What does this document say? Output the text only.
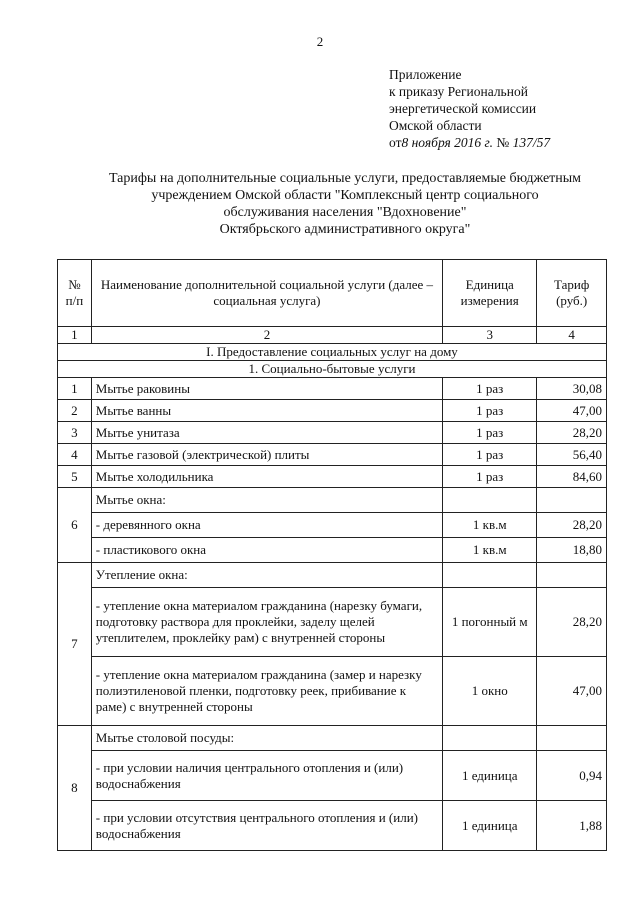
2
Приложение
к приказу Региональной
энергетической комиссии
Омской области
от8 ноября 2016 г. № 137/57
Тарифы на дополнительные социальные услуги, предоставляемые бюджетным
учреждением Омской области "Комплексный центр социального
обслуживания населения "Вдохновение"
Октябрьского административного округа"
№ п/п	Наименование дополнительной социальной услуги (далее – социальная услуга)	Единица измерения	Тариф (руб.)
1	2	3	4
I. Предоставление социальных услуг на дому			
1. Социально-бытовые услуги			
1	Мытье раковины	1 раз	30,08
2	Мытье ванны	1 раз	47,00
3	Мытье унитаза	1 раз	28,20
4	Мытье газовой (электрической) плиты	1 раз	56,40
5	Мытье холодильника	1 раз	84,60
6	Мытье окна:		
	- деревянного окна	1 кв.м	28,20
	- пластикового окна	1 кв.м	18,80
7	Утепление окна:		
	- утепление окна материалом гражданина (нарезку бумаги, подготовку раствора для проклейки, заделу щелей утеплителем, проклейку рам) с внутренней стороны	1 погонный м	28,20
	- утепление окна материалом гражданина (замер и нарезку полиэтиленовой пленки, подготовку реек, прибивание к раме) с внутренней стороны	1 окно	47,00
8	Мытье столовой посуды:		
	- при условии наличия центрального отопления и (или) водоснабжения	1 единица	0,94
	- при условии отсутствия центрального отопления и (или) водоснабжения	1 единица	1,88
